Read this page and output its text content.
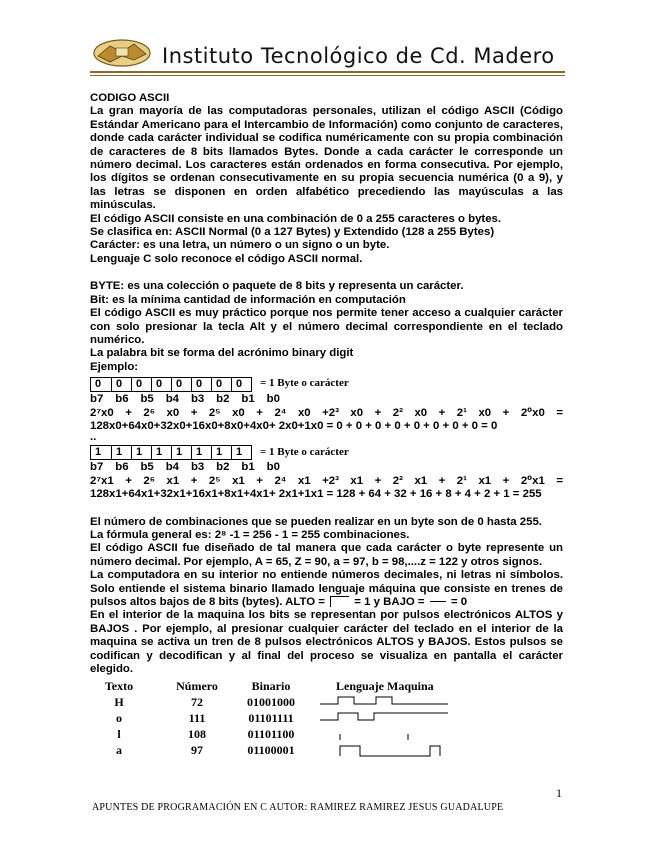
Instituto Tecnológico de Cd. Madero

CODIGO ASCII

La gran mayoría de las computadoras personales, utilizan el código ASCII (Código Estándar Americano para el Intercambio de Información) como conjunto de caracteres, donde cada carácter individual se codifica numéricamente con su propia combinación de caracteres de 8 bits llamados Bytes. Donde a cada carácter le corresponde un número decimal. Los caracteres están ordenados en forma consecutiva. Por ejemplo, los dígitos se ordenan consecutivamente en su propia secuencia numérica (0 a 9), y las letras se disponen en orden alfabético precediendo las mayúsculas a las minúsculas.

El código ASCII consiste en una combinación de 0 a 255 caracteres o bytes.

Se clasifica en: ASCII Normal (0 a 127 Bytes) y Extendido (128 a 255 Bytes)

Carácter: es una letra, un número o un signo o un byte.

Lenguaje C solo reconoce el código ASCII normal.

BYTE: es una colección o paquete de 8 bits y representa un carácter.

Bit: es la mínima cantidad de información en computación

El código ASCII es muy práctico porque nos permite tener acceso a cualquier carácter con solo presionar la tecla Alt y el número decimal correspondiente en el teclado numérico.

La palabra bit se forma del acrónimo binary digit

Ejemplo:

0	0	0	0	0	0	0	0	= 1 Byte o carácter
b7 b6 b5 b4 b3 b2 b1 b0
2⁷x0 + 2⁶ x0 + 2⁵ x0 + 2⁴ x0 +2³ x0 + 2² x0 + 2¹ x0 + 2⁰x0 =

128x0+64x0+32x0+16x0+8x0+4x0+ 2x0+1x0 = 0 + 0 + 0 + 0 + 0 + 0 + 0 + 0 = 0

..

1	1	1	1	1	1	1	1	= 1 Byte o carácter
b7 b6 b5 b4 b3 b2 b1 b0
2⁷x1 + 2⁶ x1 + 2⁵ x1 + 2⁴ x1 +2³ x1 + 2² x1 + 2¹ x1 + 2⁰x1 =

128x1+64x1+32x1+16x1+8x1+4x1+ 2x1+1x1 = 128 + 64 + 32 + 16 + 8 + 4 + 2 + 1 = 255

El número de combinaciones que se pueden realizar en un byte son de 0 hasta 255.

La fórmula general es: 2⁸ -1 = 256 - 1 = 255 combinaciones.

El código ASCII fue diseñado de tal manera que cada carácter o byte represente un número decimal. Por ejemplo, A = 65, Z = 90, a = 97, b = 98,....z = 122 y otros signos.

La computadora en su interior no entiende números decimales, ni letras ni símbolos. Solo entiende el sistema binario llamado lenguaje máquina que consiste en trenes de pulsos altos bajos de 8 bits (bytes). ALTO =	= 1 y BAJO = = 0

En el interior de la maquina los bits se representan por pulsos electrónicos ALTOS y BAJOS . Por ejemplo, al presionar cualquier carácter del teclado en el interior de la maquina se activa un tren de 8 pulsos electrónicos ALTOS y BAJOS. Estos pulsos se codifican y decodifican y al final del proceso se visualiza en pantalla el carácter elegido.

Texto	Número	Binario	Lenguaje Maquina
H	72	01001000
o	111	01101111
l	108	01101100
a	97	01100001
1
APUNTES DE PROGRAMACIÓN EN C AUTOR: RAMIREZ RAMIREZ JESUS GUADALUPE
